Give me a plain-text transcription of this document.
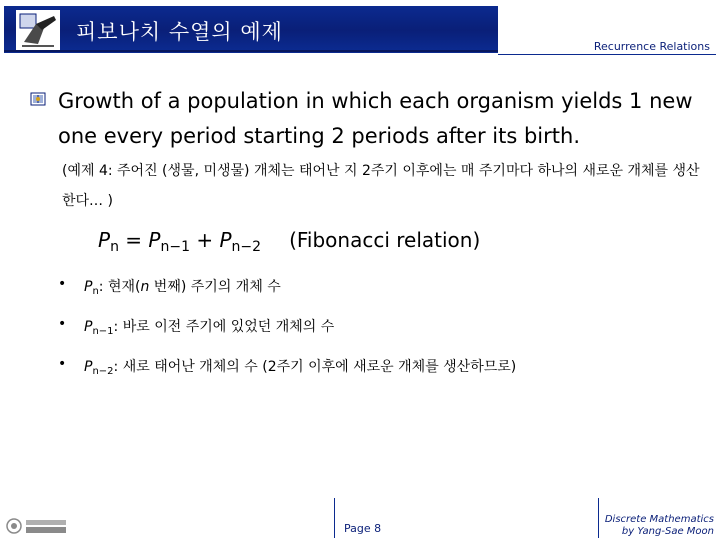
피보나치 수열의 예제
Recurrence Relations
Growth of a population in which each organism yields 1 new one every period starting 2 periods after its birth.
(예제 4: 주어진 (생물, 미생물) 개체는 태어난 지 2주기 이후에는 매 주기마다 하나의 새로운 개체를 생산한다… )
$P_n = P_{n-1} + P_{n-2}$ (Fibonacci relation)
• $P_n$: 현재(n 번째) 주기의 개체 수
• $P_{n-1}$: 바로 이전 주기에 있었던 개체의 수
• $P_{n-2}$: 새로 태어난 개체의 수 (2주기 이후에 새로운 개체를 생산하므로)
Page 8
Discrete Mathematics
by Yang-Sae Moon
